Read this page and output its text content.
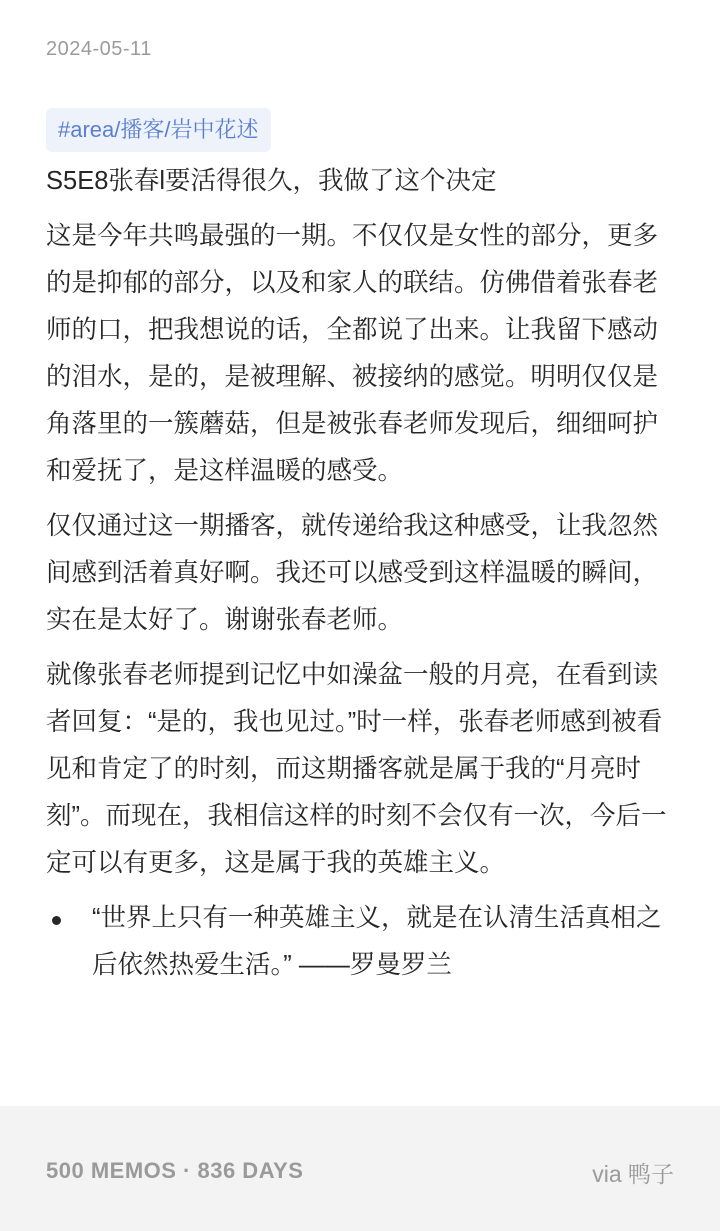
2024-05-11
#area/播客/岩中花述

S5E8张春l要活得很久，我做了这个决定

这是今年共鸣最强的一期。不仅仅是女性的部分，更多的是抑郁的部分，以及和家人的联结。仿佛借着张春老师的口，把我想说的话，全都说了出来。让我留下感动的泪水，是的，是被理解、被接纳的感觉。明明仅仅是角落里的一簇蘑菇，但是被张春老师发现后，细细呵护和爱抚了，是这样温暖的感受。

仅仅通过这一期播客，就传递给我这种感受，让我忽然间感到活着真好啊。我还可以感受到这样温暖的瞬间，实在是太好了。谢谢张春老师。

就像张春老师提到记忆中如澡盆一般的月亮，在看到读者回复：“是的，我也见过。”时一样，张春老师感到被看见和肯定了的时刻，而这期播客就是属于我的“月亮时刻”。而现在，我相信这样的时刻不会仅有一次，今后一定可以有更多，这是属于我的英雄主义。

“世界上只有一种英雄主义，就是在认清生活真相之后依然热爱生活。” ——罗曼罗兰
500 MEMOS · 836 DAYS	via 鸭子
